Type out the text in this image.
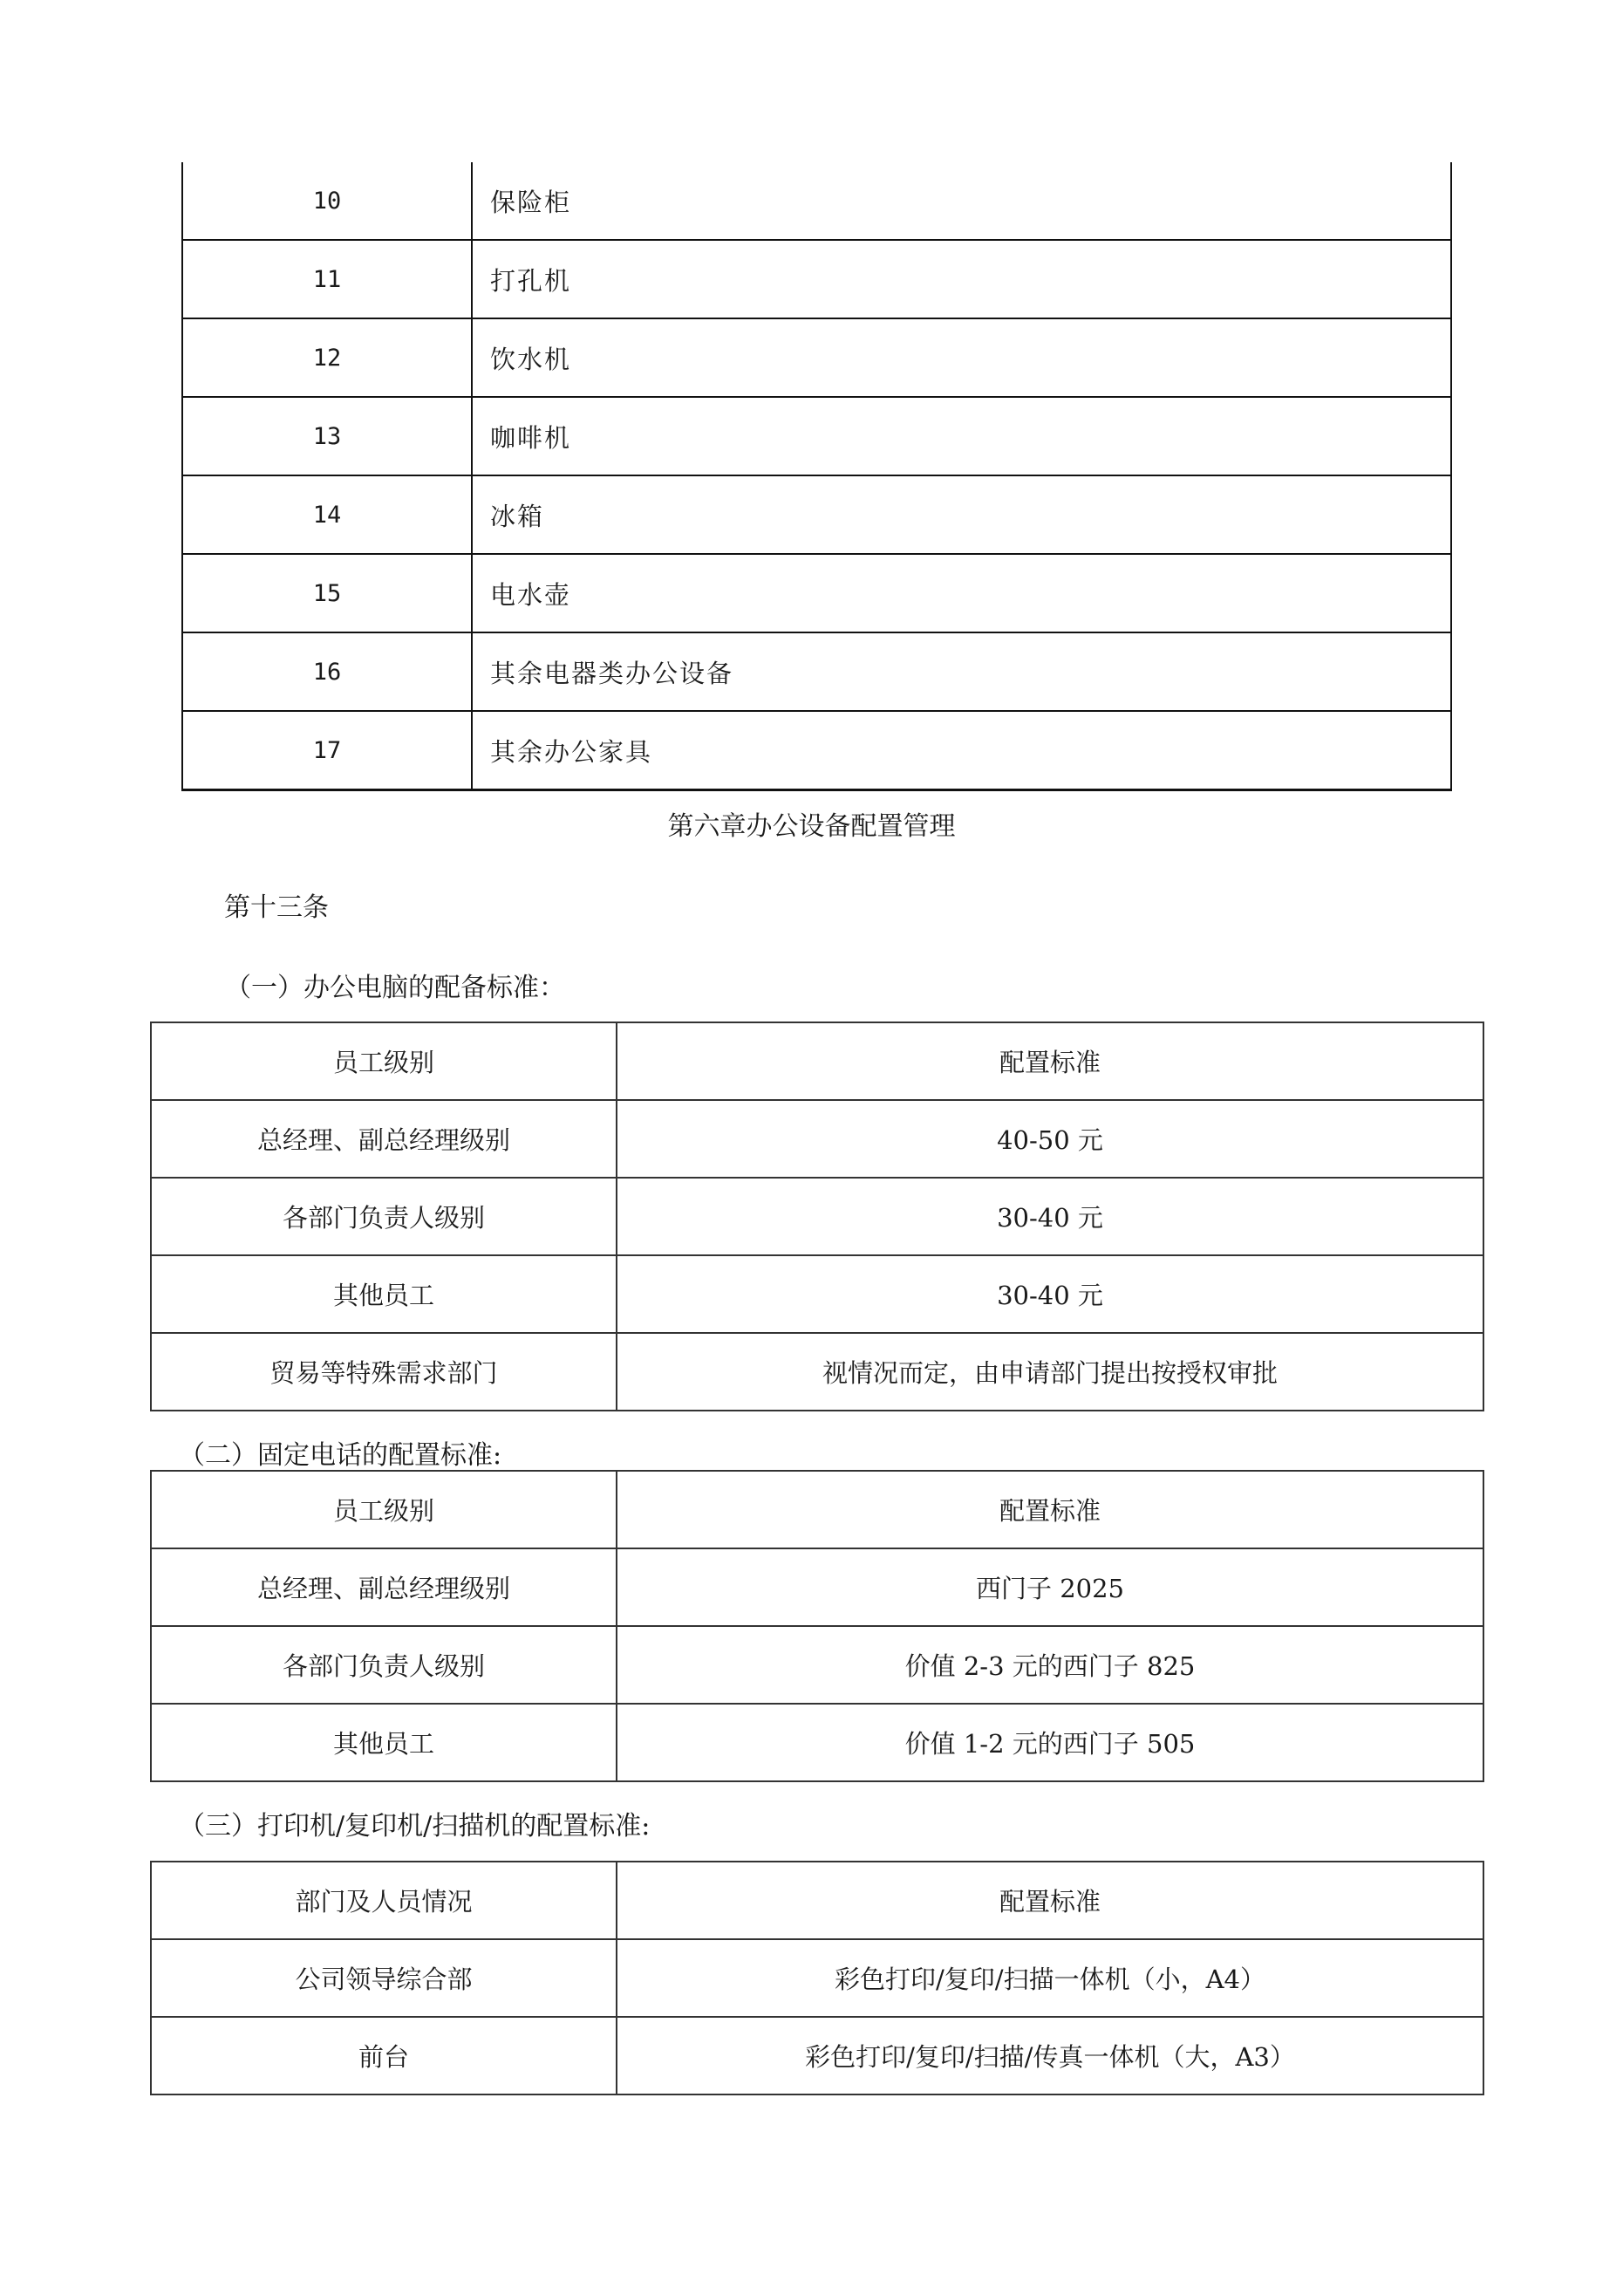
10	保险柜
11	打孔机
12	饮水机
13	咖啡机
14	冰箱
15	电水壶
16	其余电器类办公设备
17	其余办公家具
第六章办公设备配置管理
第十三条
（一）办公电脑的配备标准：
员工级别	配置标准
总经理、副总经理级别	40-50 元
各部门负责人级别	30-40 元
其他员工	30-40 元
贸易等特殊需求部门	视情况而定，由申请部门提出按授权审批
（二）固定电话的配置标准:
员工级别	配置标准
总经理、副总经理级别	西门子 2025
各部门负责人级别	价值 2-3 元的西门子 825
其他员工	价值 1-2 元的西门子 505
（三）打印机/复印机/扫描机的配置标准:
部门及人员情况	配置标准
公司领导综合部	彩色打印/复印/扫描一体机（小，A4）
前台	彩色打印/复印/扫描/传真一体机（大，A3）
